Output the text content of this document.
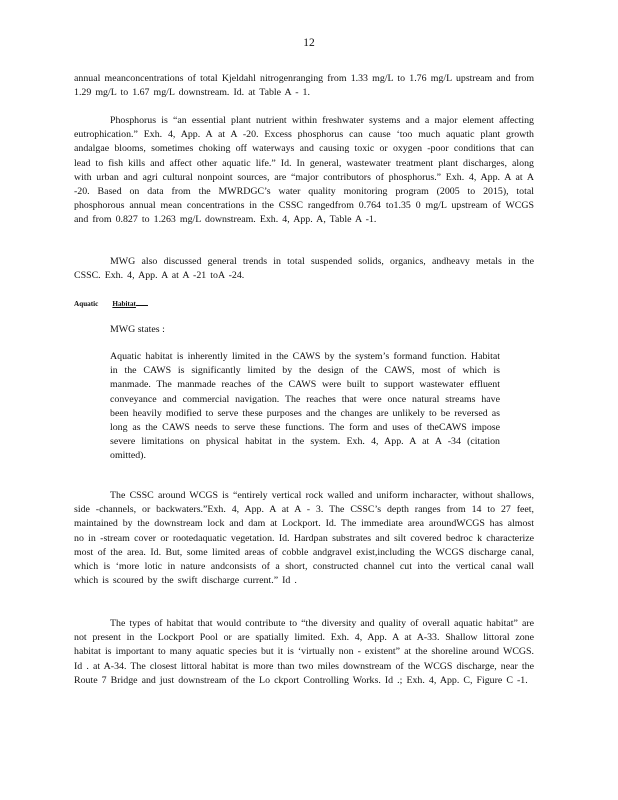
12

annual meanconcentrations of total Kjeldahl nitrogenranging from 1.33 mg/L to 1.76 mg/L upstream and from 1.29 mg/L to 1.67 mg/L downstream. Id. at Table A - 1.

Phosphorus is “an essential plant nutrient within freshwater systems and a major element affecting eutrophication.” Exh. 4, App. A at A -20. Excess phosphorus can cause ‘too much aquatic plant growth andalgae blooms, sometimes choking off waterways and causing toxic or oxygen -poor conditions that can lead to fish kills and affect other aquatic life.” Id. In general, wastewater treatment plant discharges, along with urban and agri cultural nonpoint sources, are “major contributors of phosphorus.” Exh. 4, App. A at A -20. Based on data from the MWRDGC’s water quality monitoring program (2005 to 2015), total phosphorous annual mean concentrations in the CSSC rangedfrom 0.764 to1.35 0 mg/L upstream of WCGS and from 0.827 to 1.263 mg/L downstream. Exh. 4, App. A, Table A -1.

MWG also discussed general trends in total suspended solids, organics, andheavy metals in the CSSC. Exh. 4, App. A at A -21 toA -24.

Aquatic Habitat

MWG states :

Aquatic habitat is inherently limited in the CAWS by the system’s formand function. Habitat in the CAWS is significantly limited by the design of the CAWS, most of which is manmade. The manmade reaches of the CAWS were built to support wastewater effluent conveyance and commercial navigation. The reaches that were once natural streams have been heavily modified to serve these purposes and the changes are unlikely to be reversed as long as the CAWS needs to serve these functions. The form and uses of theCAWS impose severe limitations on physical habitat in the system. Exh. 4, App. A at A -34 (citation omitted).

The CSSC around WCGS is “entirely vertical rock walled and uniform incharacter, without shallows, side -channels, or backwaters.”Exh. 4, App. A at A - 3. The CSSC’s depth ranges from 14 to 27 feet, maintained by the downstream lock and dam at Lockport. Id. The immediate area aroundWCGS has almost no in -stream cover or rootedaquatic vegetation. Id. Hardpan substrates and silt covered bedroc k characterize most of the area. Id. But, some limited areas of cobble andgravel exist,including the WCGS discharge canal, which is ‘more lotic in nature andconsists of a short, constructed channel cut into the vertical canal wall which is scoured by the swift discharge current.” Id .

The types of habitat that would contribute to “the diversity and quality of overall aquatic habitat” are not present in the Lockport Pool or are spatially limited. Exh. 4, App. A at A-33. Shallow littoral zone habitat is important to many aquatic species but it is ‘virtually non - existent” at the shoreline around WCGS. Id . at A-34. The closest littoral habitat is more than two miles downstream of the WCGS discharge, near the Route 7 Bridge and just downstream of the Lo ckport Controlling Works. Id .; Exh. 4, App. C, Figure C -1.
